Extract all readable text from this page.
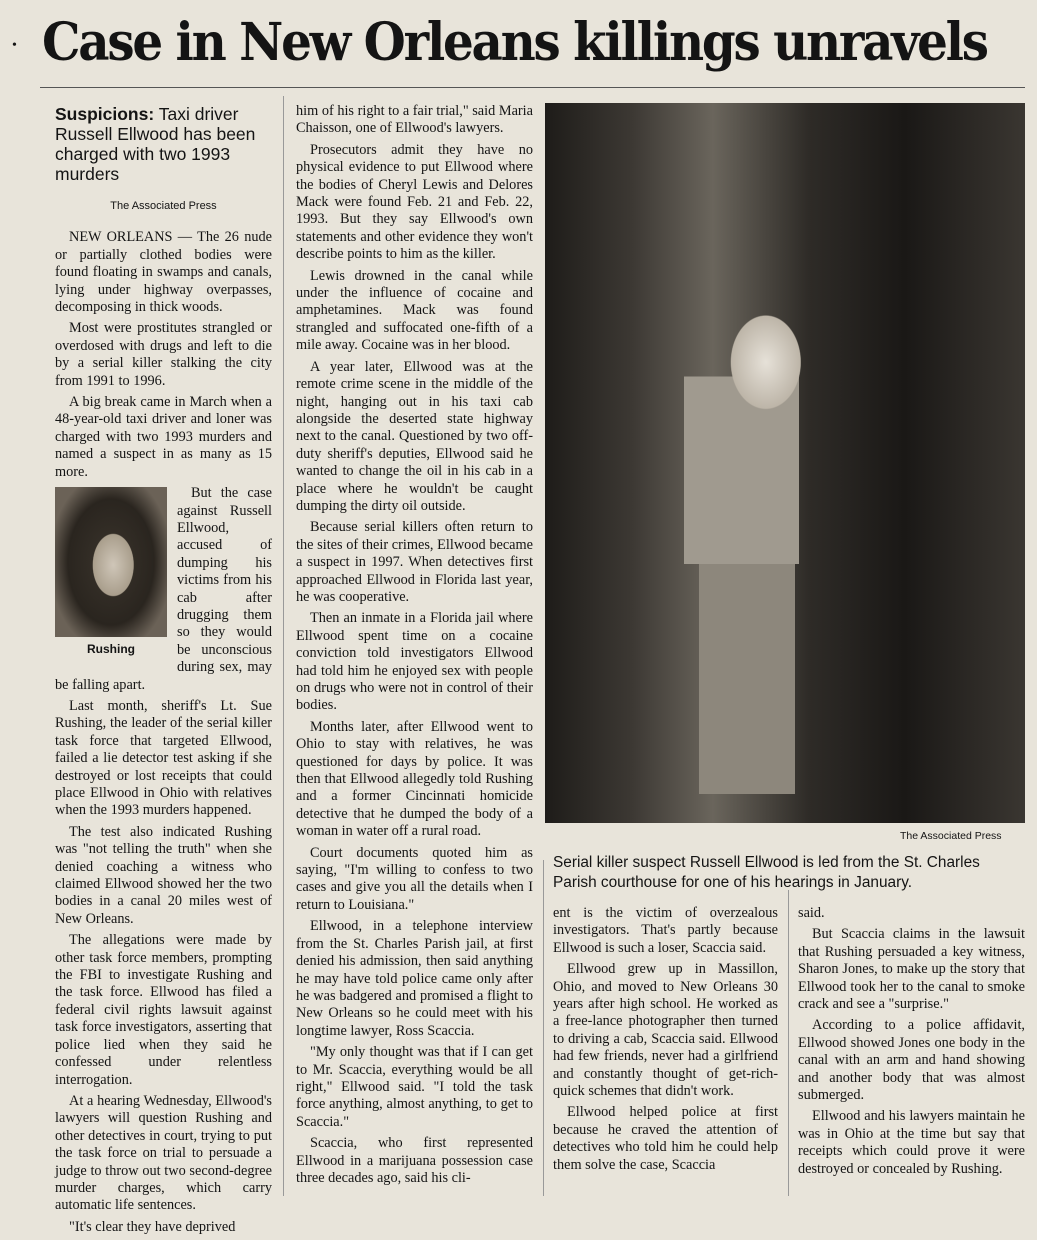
• Case in New Orleans killings unravels
Suspicions: Taxi driver Russell Ellwood has been charged with two 1993 murders
The Associated Press

NEW ORLEANS — The 26 nude or partially clothed bodies were found floating in swamps and canals, lying under highway overpasses, decomposing in thick woods.

Most were prostitutes strangled or overdosed with drugs and left to die by a serial killer stalking the city from 1991 to 1996.

A big break came in March when a 48-year-old taxi driver and loner was charged with two 1993 murders and named a suspect in as many as 15 more.

Rushing

But the case against Russell Ellwood, accused of dumping his victims from his cab after drugging them so they would be unconscious during sex, may be falling apart.

Last month, sheriff's Lt. Sue Rushing, the leader of the serial killer task force that targeted Ellwood, failed a lie detector test asking if she destroyed or lost receipts that could place Ellwood in Ohio with relatives when the 1993 murders happened.

The test also indicated Rushing was "not telling the truth" when she denied coaching a witness who claimed Ellwood showed her the two bodies in a canal 20 miles west of New Orleans.

The allegations were made by other task force members, prompting the FBI to investigate Rushing and the task force. Ellwood has filed a federal civil rights lawsuit against task force investigators, asserting that police lied when they said he confessed under relentless interrogation.

At a hearing Wednesday, Ellwood's lawyers will question Rushing and other detectives in court, trying to put the task force on trial to persuade a judge to throw out two second-degree murder charges, which carry automatic life sentences.

"It's clear they have deprived

him of his right to a fair trial," said Maria Chaisson, one of Ellwood's lawyers.

Prosecutors admit they have no physical evidence to put Ellwood where the bodies of Cheryl Lewis and Delores Mack were found Feb. 21 and Feb. 22, 1993. But they say Ellwood's own statements and other evidence they won't describe points to him as the killer.

Lewis drowned in the canal while under the influence of cocaine and amphetamines. Mack was found strangled and suffocated one-fifth of a mile away. Cocaine was in her blood.

A year later, Ellwood was at the remote crime scene in the middle of the night, hanging out in his taxi cab alongside the deserted state highway next to the canal. Questioned by two off-duty sheriff's deputies, Ellwood said he wanted to change the oil in his cab in a place where he wouldn't be caught dumping the dirty oil outside.

Because serial killers often return to the sites of their crimes, Ellwood became a suspect in 1997. When detectives first approached Ellwood in Florida last year, he was cooperative.

Then an inmate in a Florida jail where Ellwood spent time on a cocaine conviction told investigators Ellwood had told him he enjoyed sex with people on drugs who were not in control of their bodies.

Months later, after Ellwood went to Ohio to stay with relatives, he was questioned for days by police. It was then that Ellwood allegedly told Rushing and a former Cincinnati homicide detective that he dumped the body of a woman in water off a rural road.

Court documents quoted him as saying, "I'm willing to confess to two cases and give you all the details when I return to Louisiana."

Ellwood, in a telephone interview from the St. Charles Parish jail, at first denied his admission, then said anything he may have told police came only after he was badgered and promised a flight to New Orleans so he could meet with his longtime lawyer, Ross Scaccia.

"My only thought was that if I can get to Mr. Scaccia, everything would be all right," Ellwood said. "I told the task force anything, almost anything, to get to Scaccia."

Scaccia, who first represented Ellwood in a marijuana possession case three decades ago, said his cli-

The Associated Press
Serial killer suspect Russell Ellwood is led from the St. Charles Parish courthouse for one of his hearings in January.

ent is the victim of overzealous investigators. That's partly because Ellwood is such a loser, Scaccia said.

Ellwood grew up in Massillon, Ohio, and moved to New Orleans 30 years after high school. He worked as a free-lance photographer then turned to driving a cab, Scaccia said. Ellwood had few friends, never had a girlfriend and constantly thought of get-rich-quick schemes that didn't work.

Ellwood helped police at first because he craved the attention of detectives who told him he could help them solve the case, Scaccia

said.

But Scaccia claims in the lawsuit that Rushing persuaded a key witness, Sharon Jones, to make up the story that Ellwood took her to the canal to smoke crack and see a "surprise."

According to a police affidavit, Ellwood showed Jones one body in the canal with an arm and hand showing and another body that was almost submerged.

Ellwood and his lawyers maintain he was in Ohio at the time but say that receipts which could prove it were destroyed or concealed by Rushing.
